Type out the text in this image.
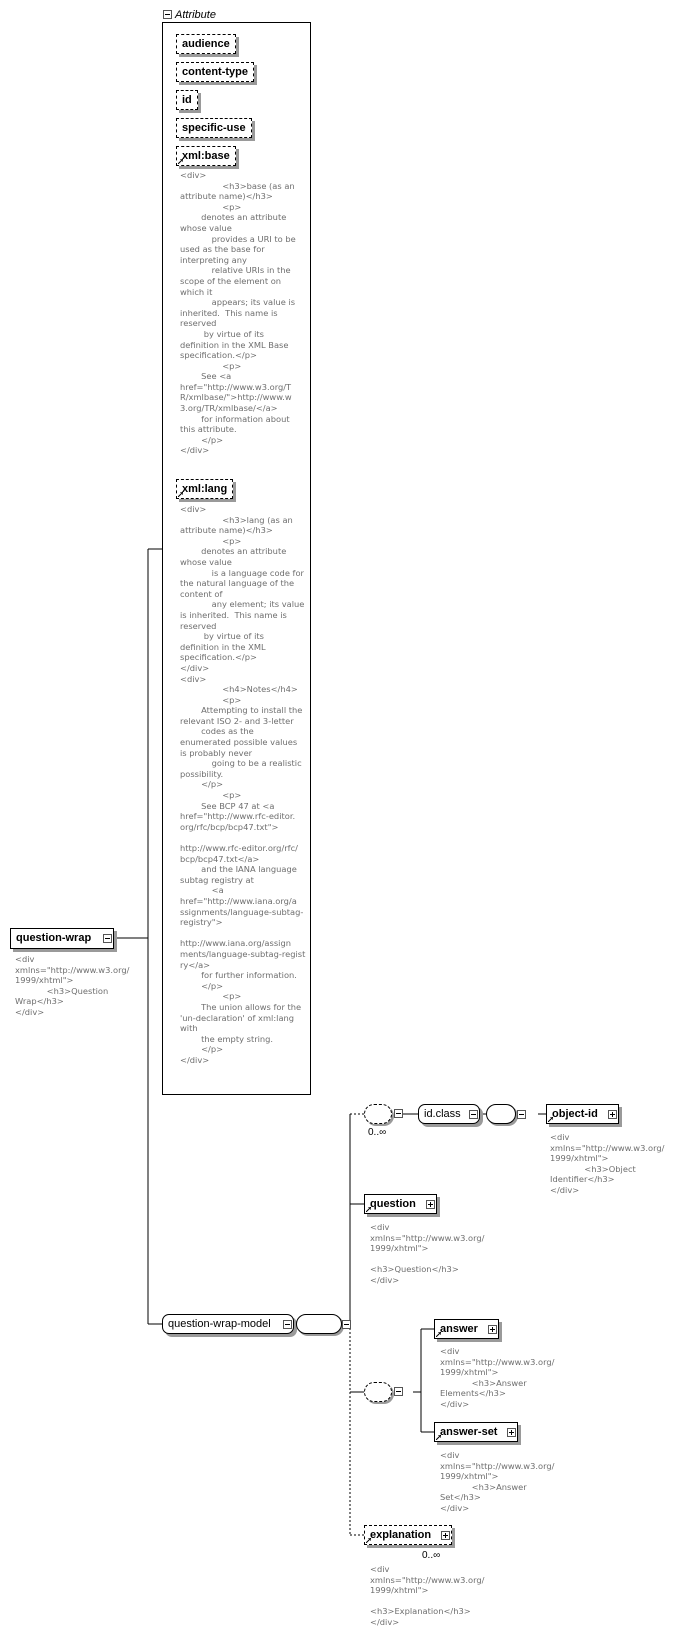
Attribute
audience
content-type
id
specific-use
xml:base
<div>
<h3>base (as an
attribute name)</h3>
<p>
denotes an attribute
whose value
provides a URI to be
used as the base for
interpreting any
relative URIs in the
scope of the element on
which it
appears; its value is
inherited.  This name is
reserved
by virtue of its
definition in the XML Base
specification.</p>
<p>
See <a
href="http://www.w3.org/T
R/xmlbase/">http://www.w
3.org/TR/xmlbase/</a>
for information about
this attribute.
</p>
</div>
xml:lang
<div>
<h3>lang (as an
attribute name)</h3>
<p>
denotes an attribute
whose value
is a language code for
the natural language of the
content of
any element; its value
is inherited.  This name is
reserved
by virtue of its
definition in the XML
specification.</p>
</div>
<div>
<h4>Notes</h4>
<p>
Attempting to install the
relevant ISO 2- and 3-letter
codes as the
enumerated possible values
is probably never
going to be a realistic
possibility.
</p>
<p>
See BCP 47 at <a
href="http://www.rfc-editor.
org/rfc/bcp/bcp47.txt">

http://www.rfc-editor.org/rfc/
bcp/bcp47.txt</a>
and the IANA language
subtag registry at
<a
href="http://www.iana.org/a
ssignments/language-subtag-
registry">

http://www.iana.org/assign
ments/language-subtag-regist
ry</a>
for further information.
</p>
<p>
The union allows for the
'un-declaration' of xml:lang
with
the empty string.
</p>
</div>
question-wrap
<div
xmlns="http://www.w3.org/
1999/xhtml">
<h3>Question
Wrap</h3>
</div>
question-wrap-model
0..∞
id.class	object-id
<div
xmlns="http://www.w3.org/
1999/xhtml">
<h3>Object
Identifier</h3>
</div>
question
<div
xmlns="http://www.w3.org/
1999/xhtml">

<h3>Question</h3>
</div>
answer
<div
xmlns="http://www.w3.org/
1999/xhtml">
<h3>Answer
Elements</h3>
</div>
answer-set
<div
xmlns="http://www.w3.org/
1999/xhtml">
<h3>Answer
Set</h3>
</div>
explanation
0..∞
<div
xmlns="http://www.w3.org/
1999/xhtml">

<h3>Explanation</h3>
</div>
